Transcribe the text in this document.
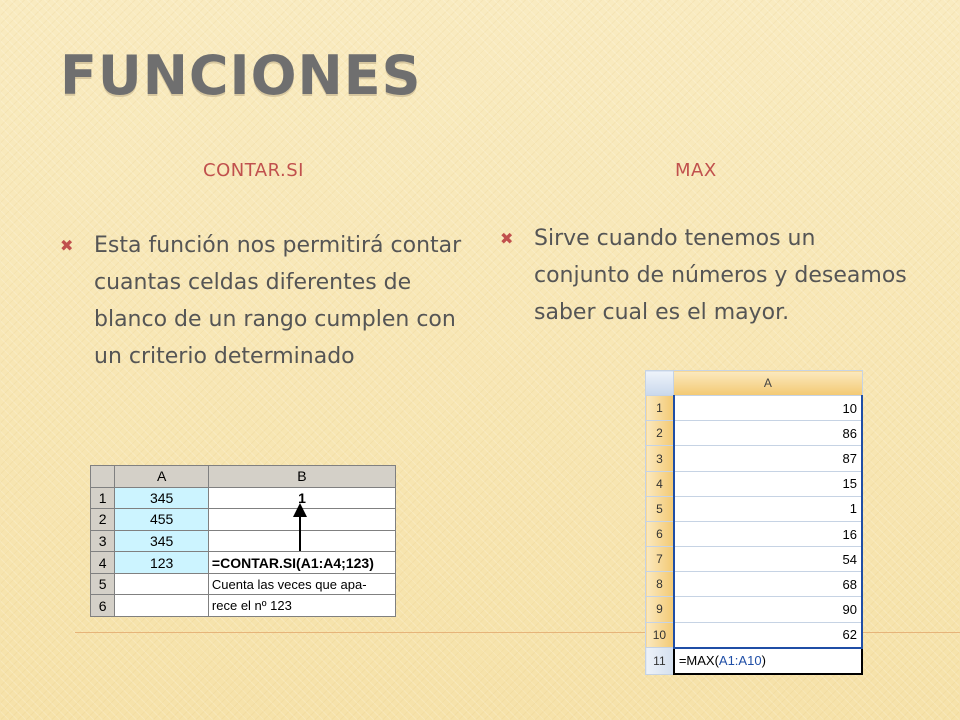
FUNCIONES
CONTAR.SI	MAX
✖ Esta función nos permitirá contar cuantas celdas diferentes de blanco de un rango cumplen con un criterio determinado
✖ Sirve cuando tenemos un conjunto de números y deseamos saber cual es el mayor.
	A	B
1	345	1
2	455	
3	345	
4	123	=CONTAR.SI(A1:A4;123)
5		Cuenta las veces que apa-
6		rece el nº 123
	A
1	10
2	86
3	87
4	15
5	1
6	16
7	54
8	68
9	90
10	62
11	=MAX(A1:A10)
